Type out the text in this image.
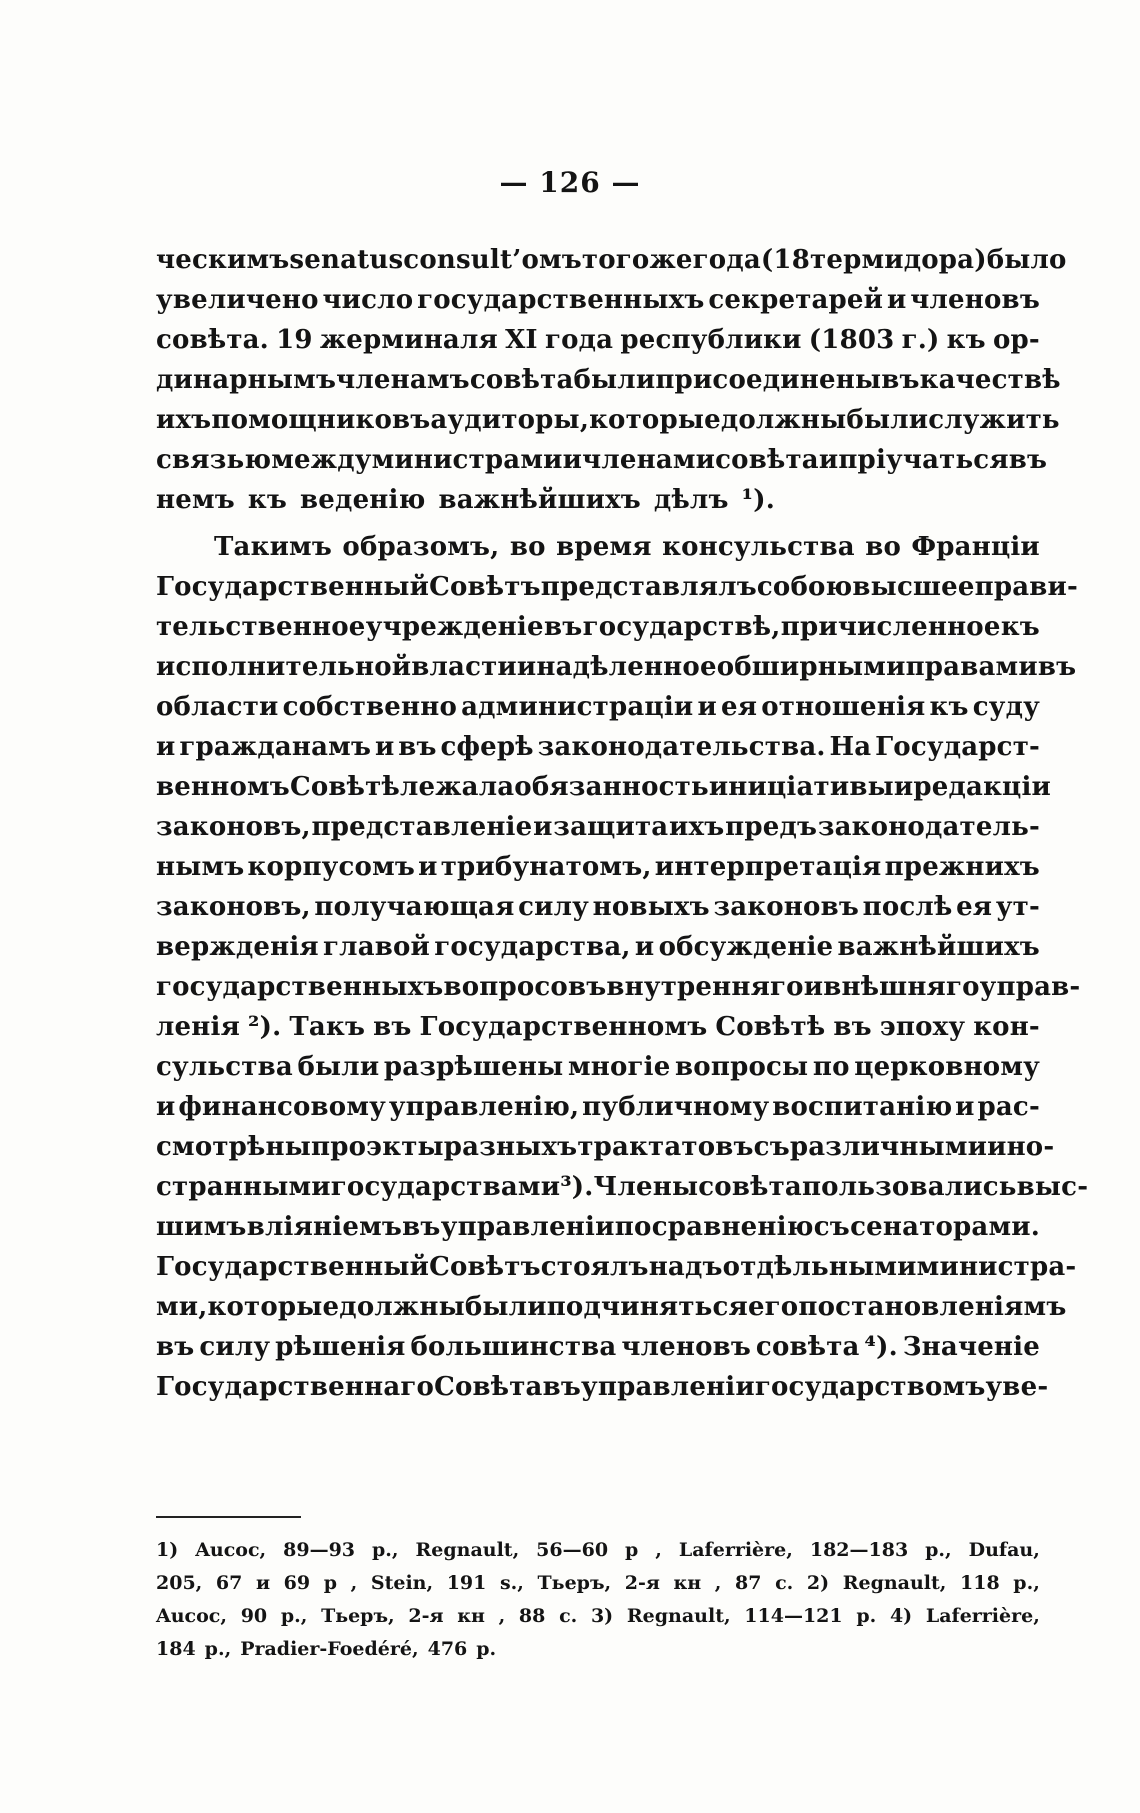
— 126 —
ческимъ senatusconsult’омъ того же года (18 термидора) было
увеличено число государственныхъ секретарей и членовъ
совѣта. 19 жерминаля XI года республики (1803 г.) къ ор-
динарнымъ членамъ совѣта были присоединены въ качествѣ
ихъ помощниковъ аудиторы, которые должны были служить
связью между министрами и членами совѣта и пріучаться въ
немъ къ веденію важнѣйшихъ дѣлъ ¹).
Такимъ образомъ, во время консульства во Франціи
Государственный Совѣтъ представлялъ собою высшее прави-
тельственное учрежденіе въ государствѣ, причисленное къ
исполнительной власти и надѣленное обширными правами въ
области собственно администраціи и ея отношенія къ суду
и гражданамъ и въ сферѣ законодательства. На Государст-
венномъ Совѣтѣ лежала обязанность иниціативы и редакціи
законовъ, представленіе и защита ихъ предъ законодатель-
нымъ корпусомъ и трибунатомъ, интерпретація прежнихъ
законовъ, получающая силу новыхъ законовъ послѣ ея ут-
вержденія главой государства, и обсужденіе важнѣйшихъ
государственныхъ вопросовъ внутренняго и внѣшняго управ-
ленія ²). Такъ въ Государственномъ Совѣтѣ въ эпоху кон-
сульства были разрѣшены многіе вопросы по церковному
и финансовому управленію, публичному воспитанію и рас-
смотрѣны проэкты разныхъ трактатовъ съ различными ино-
странными государствами ³). Члены совѣта пользовались выс-
шимъ вліяніемъ въ управленіи по сравненію съ сенаторами.
Государственный Совѣтъ стоялъ надъ отдѣльными министра-
ми, которые должны были подчиняться его постановленіямъ
въ силу рѣшенія большинства членовъ совѣта ⁴). Значеніе
Государственнаго Совѣта въ управленіи государствомъ уве-
1) Aucoc, 89—93 p., Regnault, 56—60 p , Laferrière, 182—183 p., Dufau,
205, 67 и 69 p , Stein, 191 s., Тьеръ, 2-я кн , 87 с. 2) Regnault, 118 p.,
Aucoc, 90 p., Тьеръ, 2-я кн , 88 с. 3) Regnault, 114—121 p. 4) Laferrière,
184 p., Pradier-Foedéré, 476 p.
